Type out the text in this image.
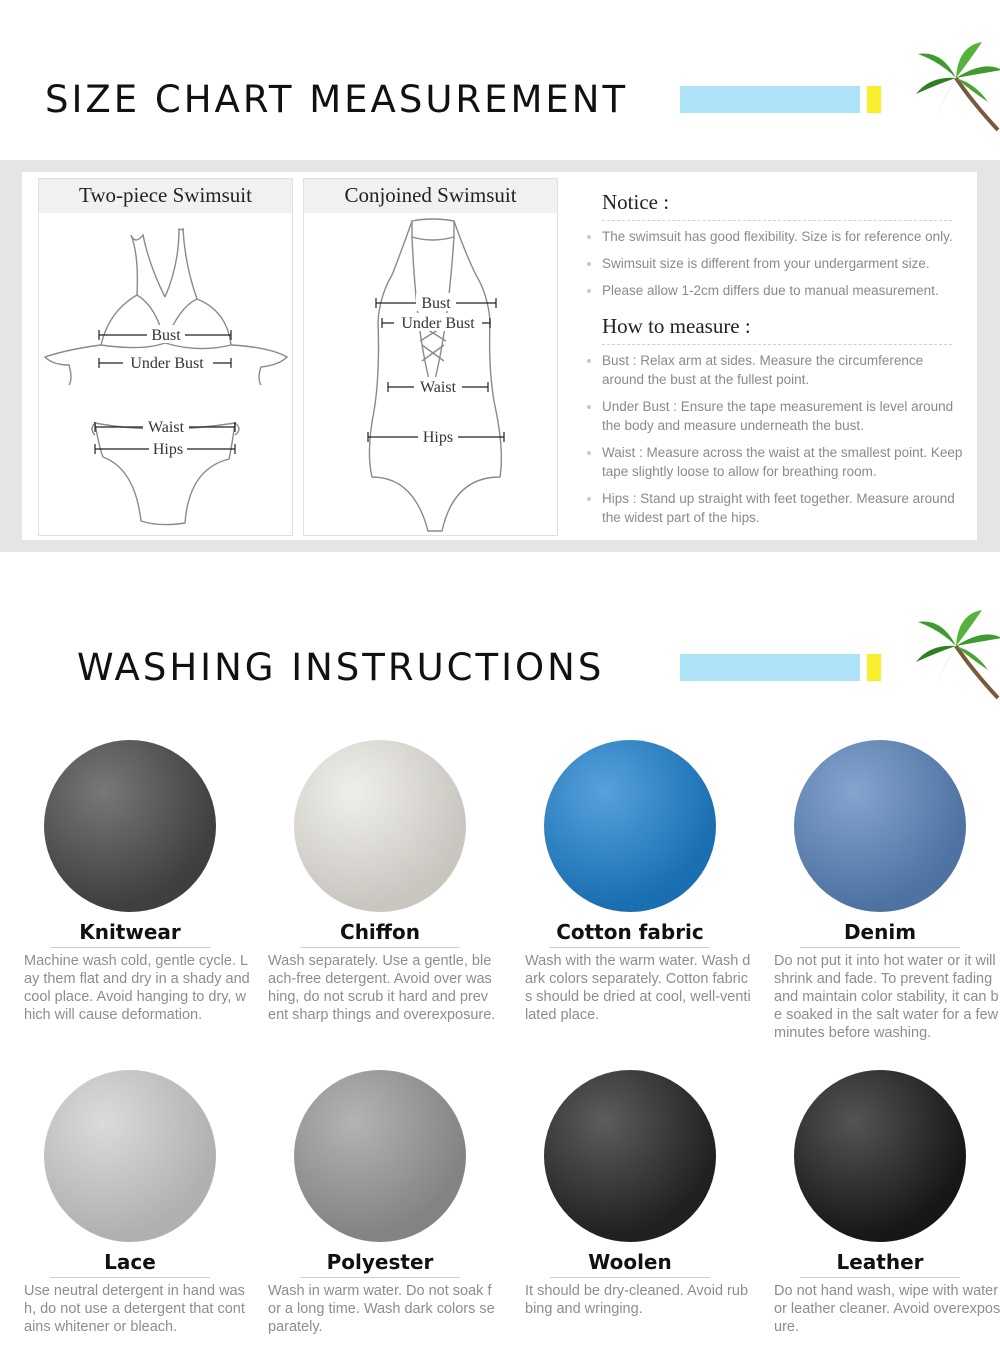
SIZE CHART MEASUREMENT
Two-piece Swimsuit
Bust
Under Bust
Waist
Hips
Conjoined Swimsuit
Bust
Under Bust
Waist
Hips
Notice :
The swimsuit has good flexibility. Size is for reference only.
Swimsuit size is different from your undergarment size.
Please allow 1-2cm differs due to manual measurement.
How to measure :
Bust : Relax arm at sides. Measure the circumference around the bust at the fullest point.
Under Bust : Ensure the tape measurement is level around the body and measure underneath the bust.
Waist : Measure across the waist at the smallest point. Keep tape slightly loose to allow for breathing room.
Hips : Stand up straight with feet together. Measure around the widest part of the hips.
WASHING INSTRUCTIONS
Knitwear
Machine wash cold, gentle cycle. Lay them flat and dry in a shady and cool place. Avoid hanging to dry, which will cause deformation.
Chiffon
Wash separately. Use a gentle, bleach-free detergent. Avoid over washing, do not scrub it hard and prevent sharp things and overexposure.
Cotton fabric
Wash with the warm water. Wash dark colors separately. Cotton fabrics should be dried at cool, well-ventilated place.
Denim
Do not put it into hot water or it will shrink and fade. To prevent fading and maintain color stability, it can be soaked in the salt water for a few minutes before washing.
Lace
Use neutral detergent in hand wash, do not use a detergent that contains whitener or bleach.
Polyester
Wash in warm water. Do not soak for a long time. Wash dark colors separately.
Woolen
It should be dry-cleaned. Avoid rubbing and wringing.
Leather
Do not hand wash, wipe with water or leather cleaner. Avoid overexposure.
